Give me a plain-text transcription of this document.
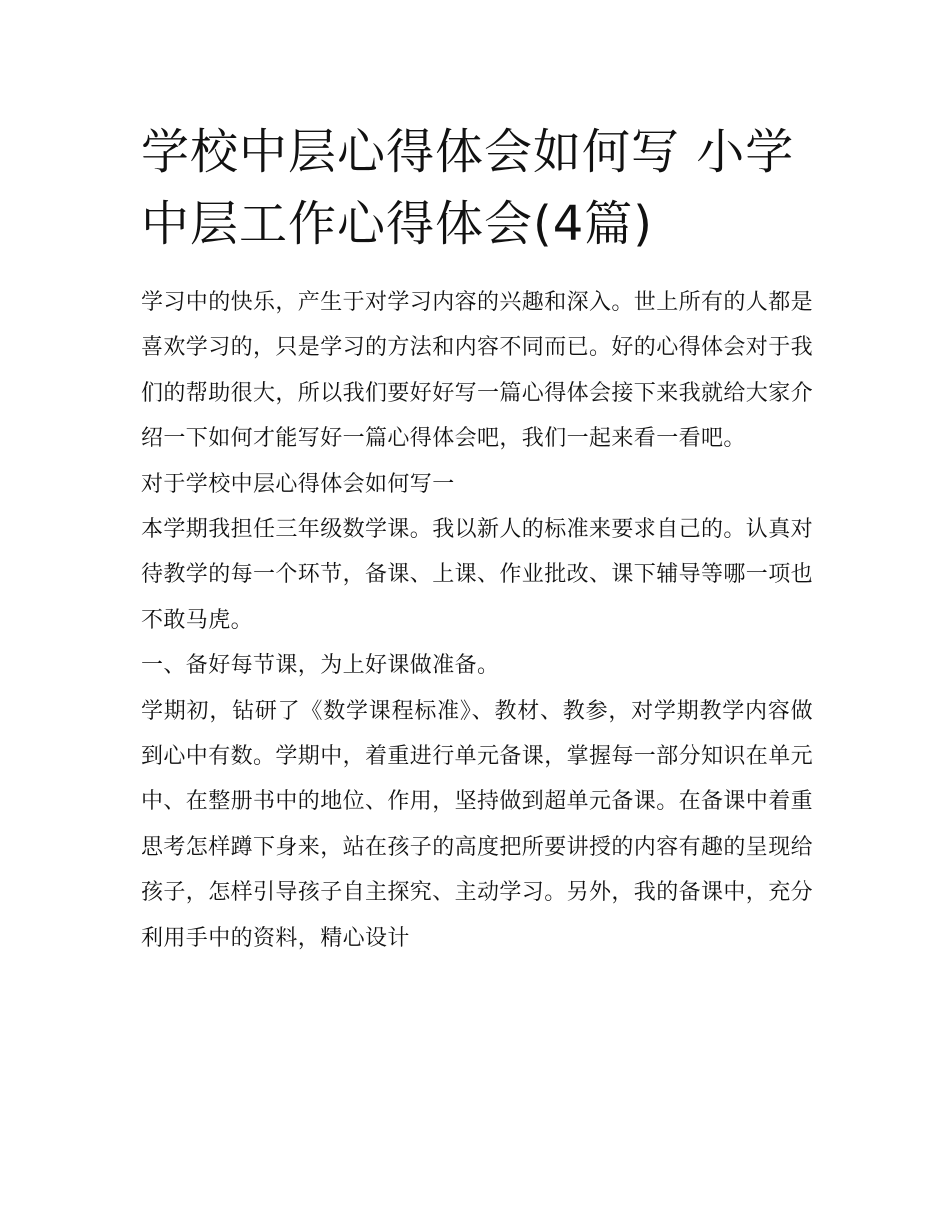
学校中层心得体会如何写 小学中层工作心得体会(4篇)

学习中的快乐，产生于对学习内容的兴趣和深入。世上所有的人都是喜欢学习的，只是学习的方法和内容不同而已。好的心得体会对于我们的帮助很大，所以我们要好好写一篇心得体会接下来我就给大家介绍一下如何才能写好一篇心得体会吧，我们一起来看一看吧。

对于学校中层心得体会如何写一

本学期我担任三年级数学课。我以新人的标准来要求自己的。认真对待教学的每一个环节，备课、上课、作业批改、课下辅导等哪一项也不敢马虎。

一、备好每节课，为上好课做准备。

学期初，钻研了《数学课程标准》、教材、教参，对学期教学内容做到心中有数。学期中，着重进行单元备课，掌握每一部分知识在单元中、在整册书中的地位、作用，坚持做到超单元备课。在备课中着重思考怎样蹲下身来，站在孩子的高度把所要讲授的内容有趣的呈现给孩子，怎样引导孩子自主探究、主动学习。另外，我的备课中，充分利用手中的资料，精心设计
